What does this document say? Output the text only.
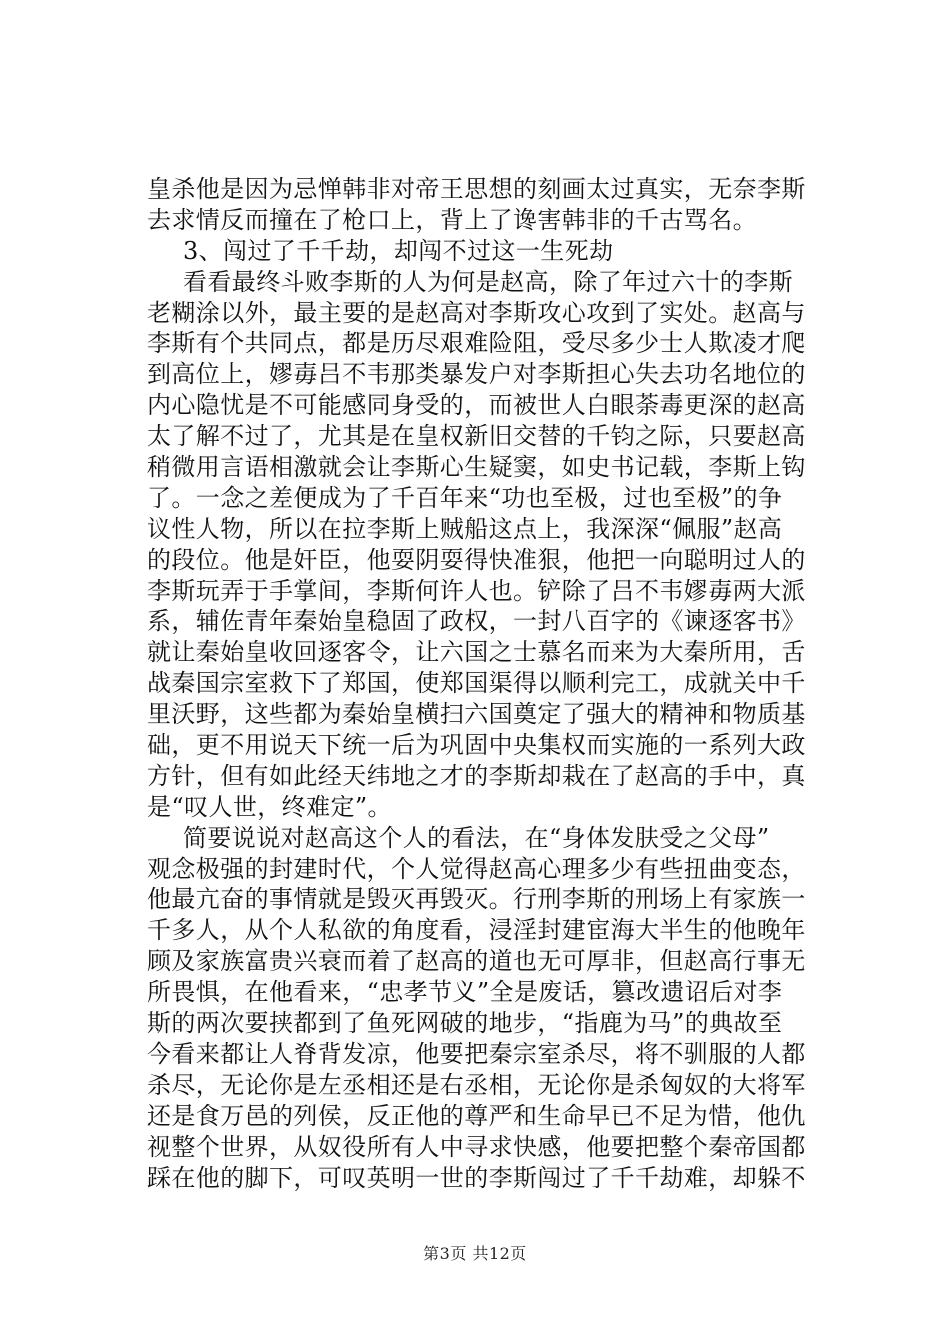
皇杀他是因为忌惮韩非对帝王思想的刻画太过真实，无奈李斯
去求情反而撞在了枪口上，背上了谗害韩非的千古骂名。
3、闯过了千千劫，却闯不过这一生死劫
看看最终斗败李斯的人为何是赵高，除了年过六十的李斯
老糊涂以外，最主要的是赵高对李斯攻心攻到了实处。赵高与
李斯有个共同点，都是历尽艰难险阻，受尽多少士人欺凌才爬
到高位上，嫪毐吕不韦那类暴发户对李斯担心失去功名地位的
内心隐忧是不可能感同身受的，而被世人白眼荼毒更深的赵高
太了解不过了，尤其是在皇权新旧交替的千钧之际，只要赵高
稍微用言语相激就会让李斯心生疑窦，如史书记载，李斯上钩
了。一念之差便成为了千百年来“功也至极，过也至极”的争
议性人物，所以在拉李斯上贼船这点上，我深深“佩服”赵高
的段位。他是奸臣，他耍阴耍得快准狠，他把一向聪明过人的
李斯玩弄于手掌间，李斯何许人也。铲除了吕不韦嫪毐两大派
系，辅佐青年秦始皇稳固了政权，一封八百字的《谏逐客书》
就让秦始皇收回逐客令，让六国之士慕名而来为大秦所用，舌
战秦国宗室救下了郑国，使郑国渠得以顺利完工，成就关中千
里沃野，这些都为秦始皇横扫六国奠定了强大的精神和物质基
础，更不用说天下统一后为巩固中央集权而实施的一系列大政
方针，但有如此经天纬地之才的李斯却栽在了赵高的手中，真
是“叹人世，终难定”。
简要说说对赵高这个人的看法，在“身体发肤受之父母”
观念极强的封建时代，个人觉得赵高心理多少有些扭曲变态，
他最亢奋的事情就是毁灭再毁灭。行刑李斯的刑场上有家族一
千多人，从个人私欲的角度看，浸淫封建宦海大半生的他晚年
顾及家族富贵兴衰而着了赵高的道也无可厚非，但赵高行事无
所畏惧，在他看来，“忠孝节义”全是废话，篡改遗诏后对李
斯的两次要挟都到了鱼死网破的地步，“指鹿为马”的典故至
今看来都让人脊背发凉，他要把秦宗室杀尽，将不驯服的人都
杀尽，无论你是左丞相还是右丞相，无论你是杀匈奴的大将军
还是食万邑的列侯，反正他的尊严和生命早已不足为惜，他仇
视整个世界，从奴役所有人中寻求快感，他要把整个秦帝国都
踩在他的脚下，可叹英明一世的李斯闯过了千千劫难，却躲不
第3页 共12页
